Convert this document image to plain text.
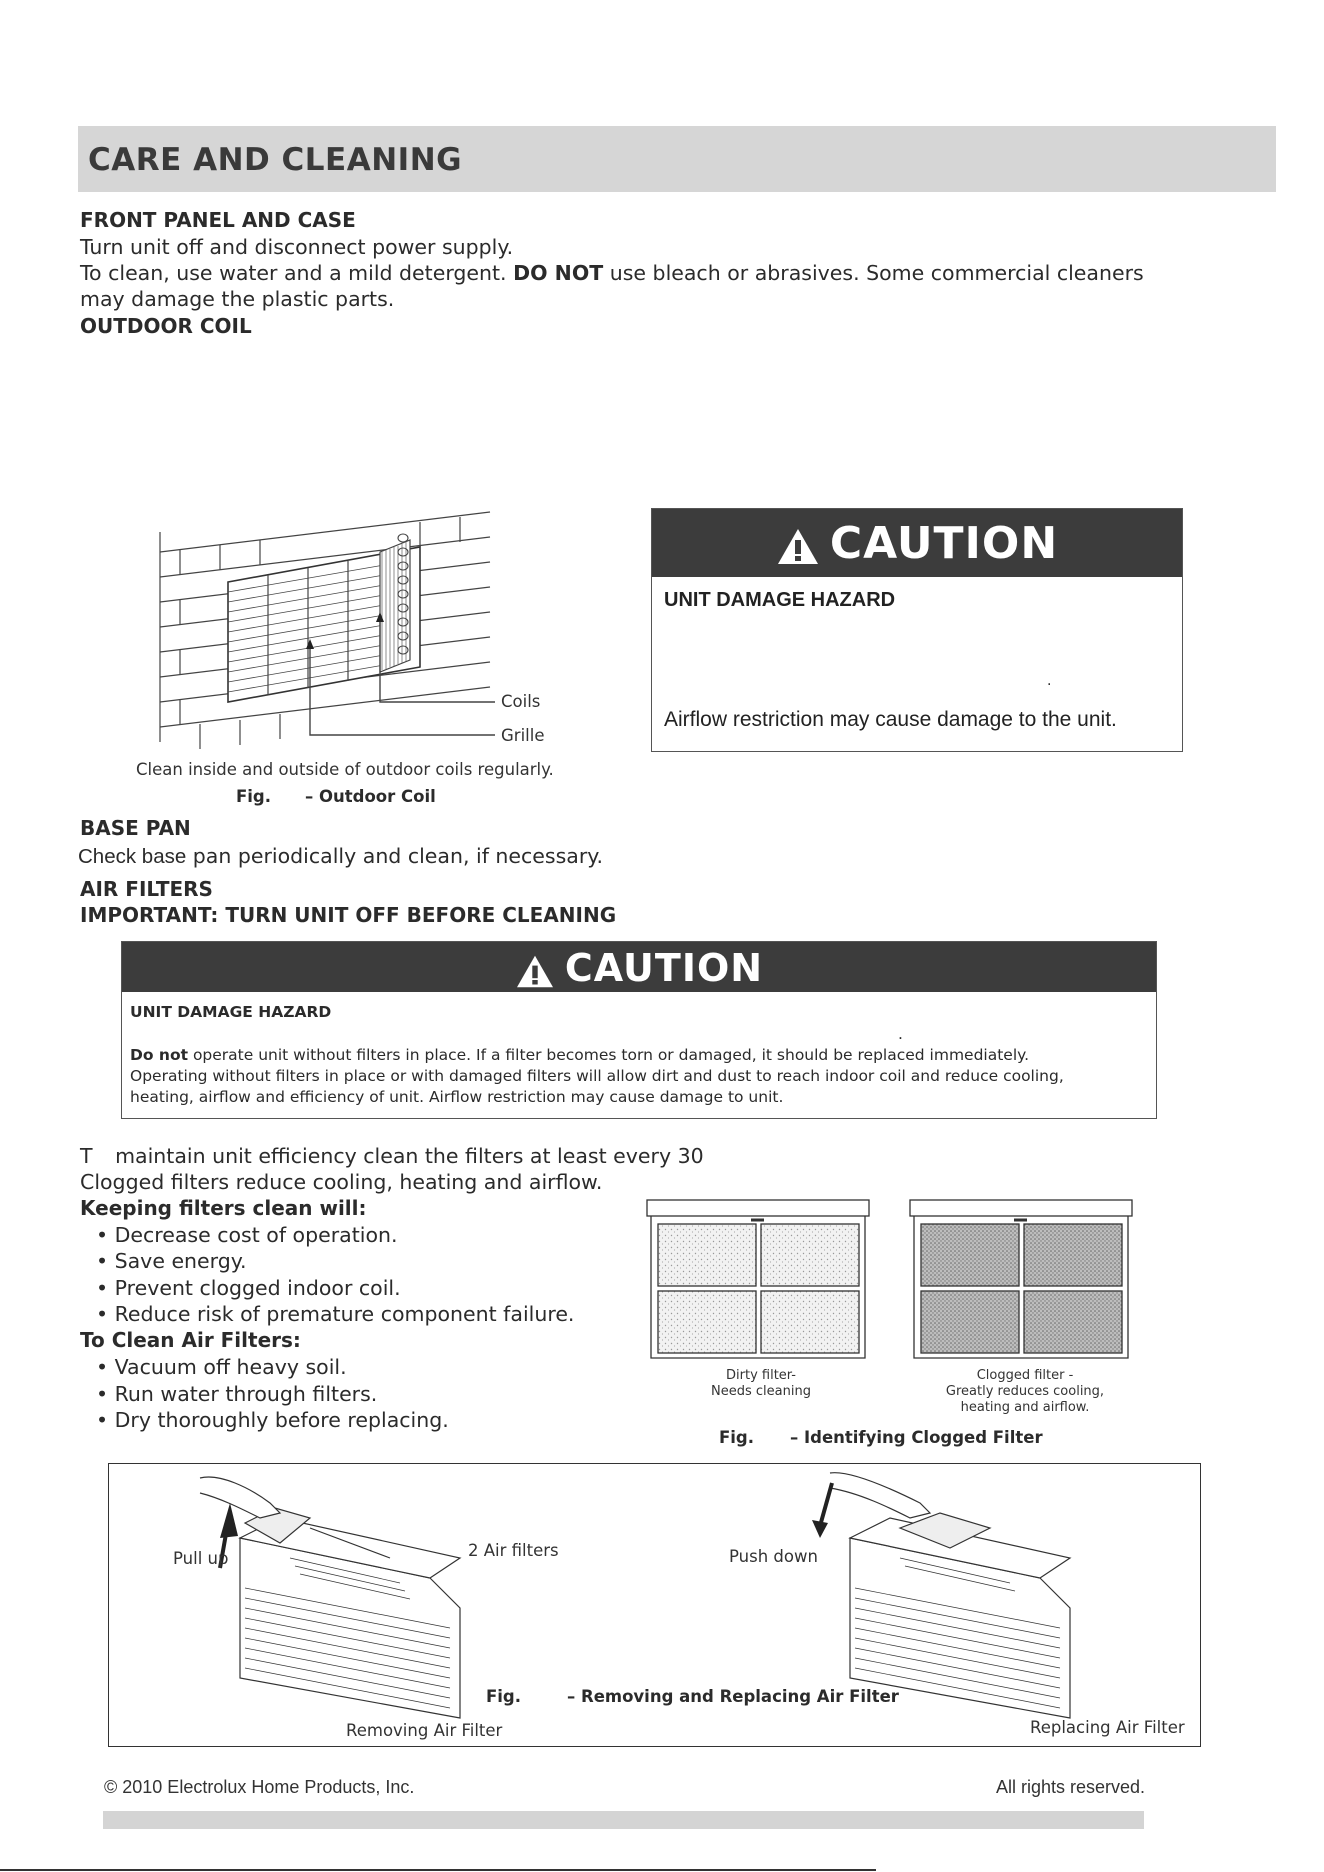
CARE AND CLEANING
FRONT PANEL AND CASE
Turn unit off and disconnect power supply.
To clean, use water and a mild detergent. DO NOT use bleach or abrasives. Some commercial cleaners
may damage the plastic parts.
OUTDOOR COIL
Coils
Grille
Clean inside and outside of outdoor coils regularly.
Fig. – Outdoor Coil
CAUTION
UNIT DAMAGE HAZARD
.
Airflow restriction may cause damage to the unit.
BASE PAN
Check base pan periodically and clean, if necessary.
AIR FILTERS
IMPORTANT: TURN UNIT OFF BEFORE CLEANING
CAUTION
UNIT DAMAGE HAZARD
.
Do not operate unit without filters in place. If a filter becomes torn or damaged, it should be replaced immediately.
Operating without filters in place or with damaged filters will allow dirt and dust to reach indoor coil and reduce cooling,
heating, airflow and efficiency of unit. Airflow restriction may cause damage to unit.
T maintain unit efficiency clean the filters at least every 30
Clogged filters reduce cooling, heating and airflow.
Keeping filters clean will:
• Decrease cost of operation.
• Save energy.
• Prevent clogged indoor coil.
• Reduce risk of premature component failure.
To Clean Air Filters:
• Vacuum off heavy soil.
• Run water through filters.
• Dry thoroughly before replacing.
Dirty filter-
Needs cleaning
Clogged filter -
Greatly reduces cooling,
heating and airflow.
Fig. – Identifying Clogged Filter
Pull up	2 Air filters	Push down
Fig.	– Removing and Replacing Air Filter
Removing Air Filter	Replacing Air Filter
© 2010 Electrolux Home Products, Inc.	All rights reserved.
